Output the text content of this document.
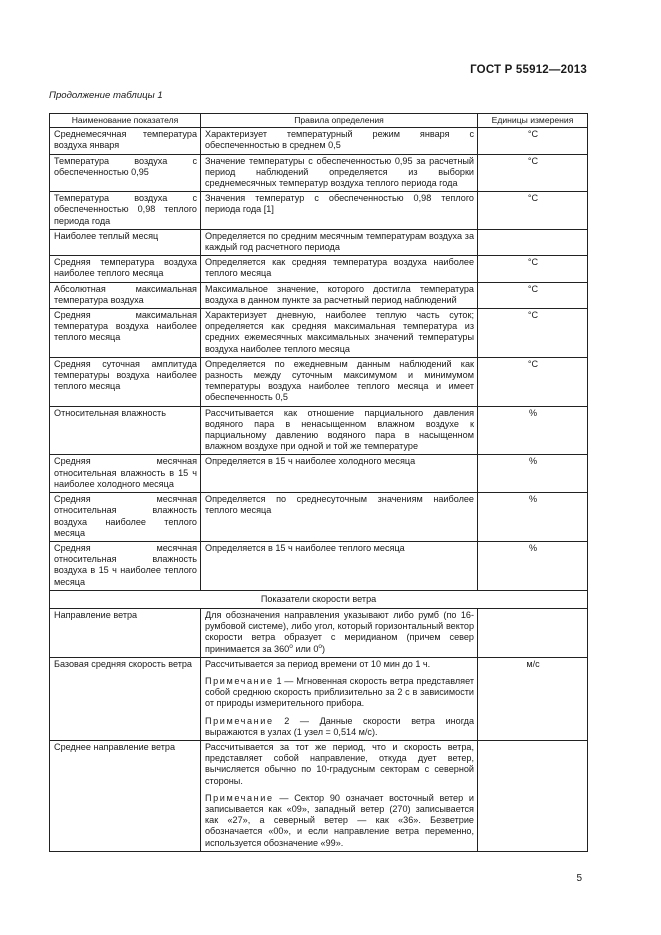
ГОСТ Р 55912—2013
Продолжение таблицы 1
Наименование показателя	Правила определения	Единицы измерения
Среднемесячная температура воздуха января	Характеризует температурный режим января с обеспеченностью в среднем 0,5	°С
Температура воздуха с обеспеченностью 0,95	Значение температуры с обеспеченностью 0,95 за расчетный период наблюдений определяется из выборки среднемесячных температур воздуха теплого периода года	°С
Температура воздуха с обеспеченностью 0,98 теплого периода года	Значения температур с обеспеченностью 0,98 теплого периода года [1]	°С
Наиболее теплый месяц	Определяется по средним месячным температурам воздуха за каждый год расчетного периода	
Средняя температура воздуха наиболее теплого месяца	Определяется как средняя температура воздуха наиболее теплого месяца	°С
Абсолютная максимальная температура воздуха	Максимальное значение, которого достигла температура воздуха в данном пункте за расчетный период наблюдений	°С
Средняя максимальная температура воздуха наиболее теплого месяца	Характеризует дневную, наиболее теплую часть суток; определяется как средняя максимальная температура из средних ежемесячных максимальных значений температуры воздуха наиболее теплого месяца	°С
Средняя суточная амплитуда температуры воздуха наиболее теплого месяца	Определяется по ежедневным данным наблюдений как разность между суточным максимумом и минимумом температуры воздуха наиболее теплого месяца и имеет обеспеченность 0,5	°С
Относительная влажность	Рассчитывается как отношение парциального давления водяного пара в ненасыщенном влажном воздухе к парциальному давлению водяного пара в насыщенном влажном воздухе при одной и той же температуре	%
Средняя месячная относительная влажность в 15 ч наиболее холодного месяца	Определяется в 15 ч наиболее холодного месяца	%
Средняя месячная относительная влажность воздуха наиболее теплого месяца	Определяется по среднесуточным значениям наиболее теплого месяца	%
Средняя месячная относительная влажность воздуха в 15 ч наиболее теплого месяца	Определяется в 15 ч наиболее теплого месяца	%
Показатели скорости ветра		
Направление ветра	Для обозначения направления указывают либо румб (по 16-румбовой системе), либо угол, который горизонтальный вектор скорости ветра образует с меридианом (причем север принимается за $360^о$ или $0^о$)	
Базовая средняя скорость ветра	Рассчитывается за период времени от 10 мин до 1 ч.
Примечание 1 — Мгновенная скорость ветра представляет собой среднюю скорость приблизительно за 2 с в зависимости от природы измерительного прибора.
Примечание 2 — Данные скорости ветра иногда выражаются в узлах (1 узел = 0,514 м/с).	м/с
Среднее направление ветра	Рассчитывается за тот же период, что и скорость ветра, представляет собой направление, откуда дует ветер, вычисляется обычно по 10-градусным секторам с северной стороны.
Примечание — Сектор 90 означает восточный ветер и записывается как «09», западный ветер (270) записывается как «27», а северный ветер — как «36». Безветрие обозначается «00», и если направление ветра переменно, используется обозначение «99».	

5
